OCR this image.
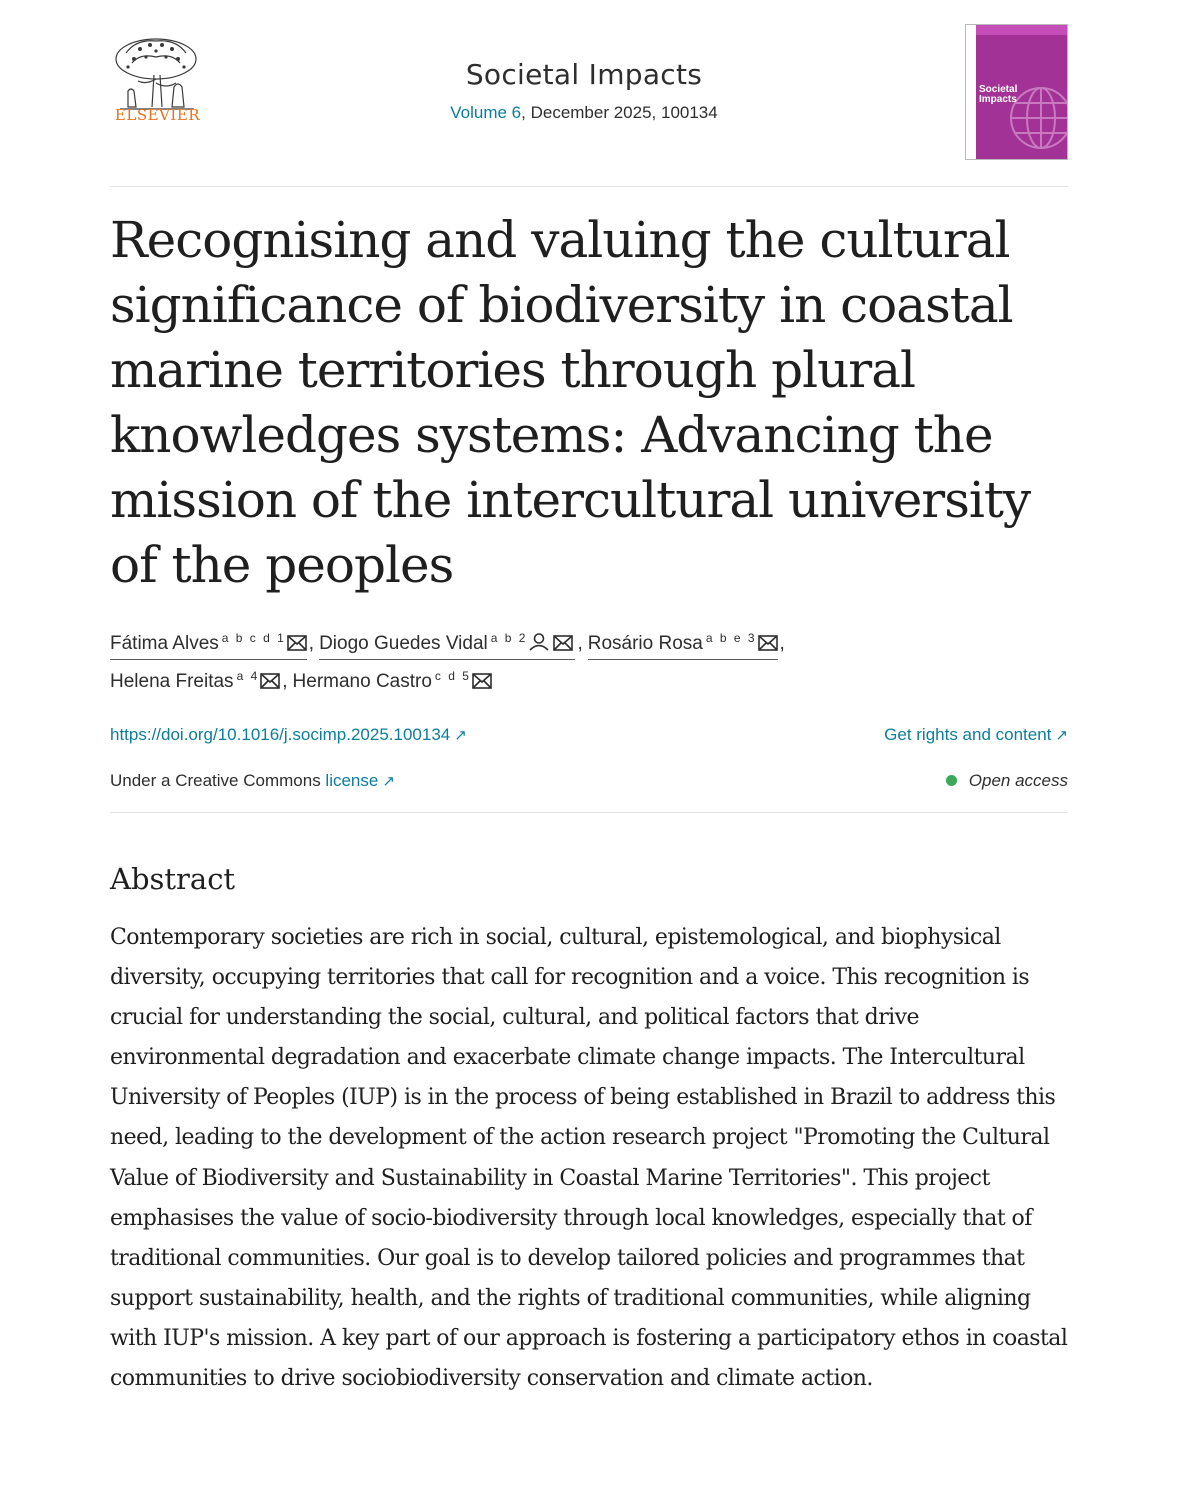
ELSEVIER
Societal Impacts
Volume 6, December 2025, 100134
Societal
Impacts
Recognising and valuing the cultural significance of biodiversity in coastal marine territories through plural knowledges systems: Advancing the mission of the intercultural university of the peoples
Fátima Alves $^{a b c d 1}$ , Diogo Guedes Vidal $^{a b 2}$	, Rosário Rosa $^{a b e 3}$ ,
Helena Freitas $^{a 4}$ , Hermano Castro $^{c d 5}$
https://doi.org/10.1016/j.socimp.2025.100134 ↗	Get rights and content ↗
Under a Creative Commons license ↗	Open access
Abstract

Contemporary societies are rich in social, cultural, epistemological, and biophysical diversity, occupying territories that call for recognition and a voice. This recognition is crucial for understanding the social, cultural, and political factors that drive environmental degradation and exacerbate climate change impacts. The Intercultural University of Peoples (IUP) is in the process of being established in Brazil to address this need, leading to the development of the action research project "Promoting the Cultural Value of Biodiversity and Sustainability in Coastal Marine Territories". This project emphasises the value of socio-biodiversity through local knowledges, especially that of traditional communities. Our goal is to develop tailored policies and programmes that support sustainability, health, and the rights of traditional communities, while aligning with IUP's mission. A key part of our approach is fostering a participatory ethos in coastal communities to drive sociobiodiversity conservation and climate action.
